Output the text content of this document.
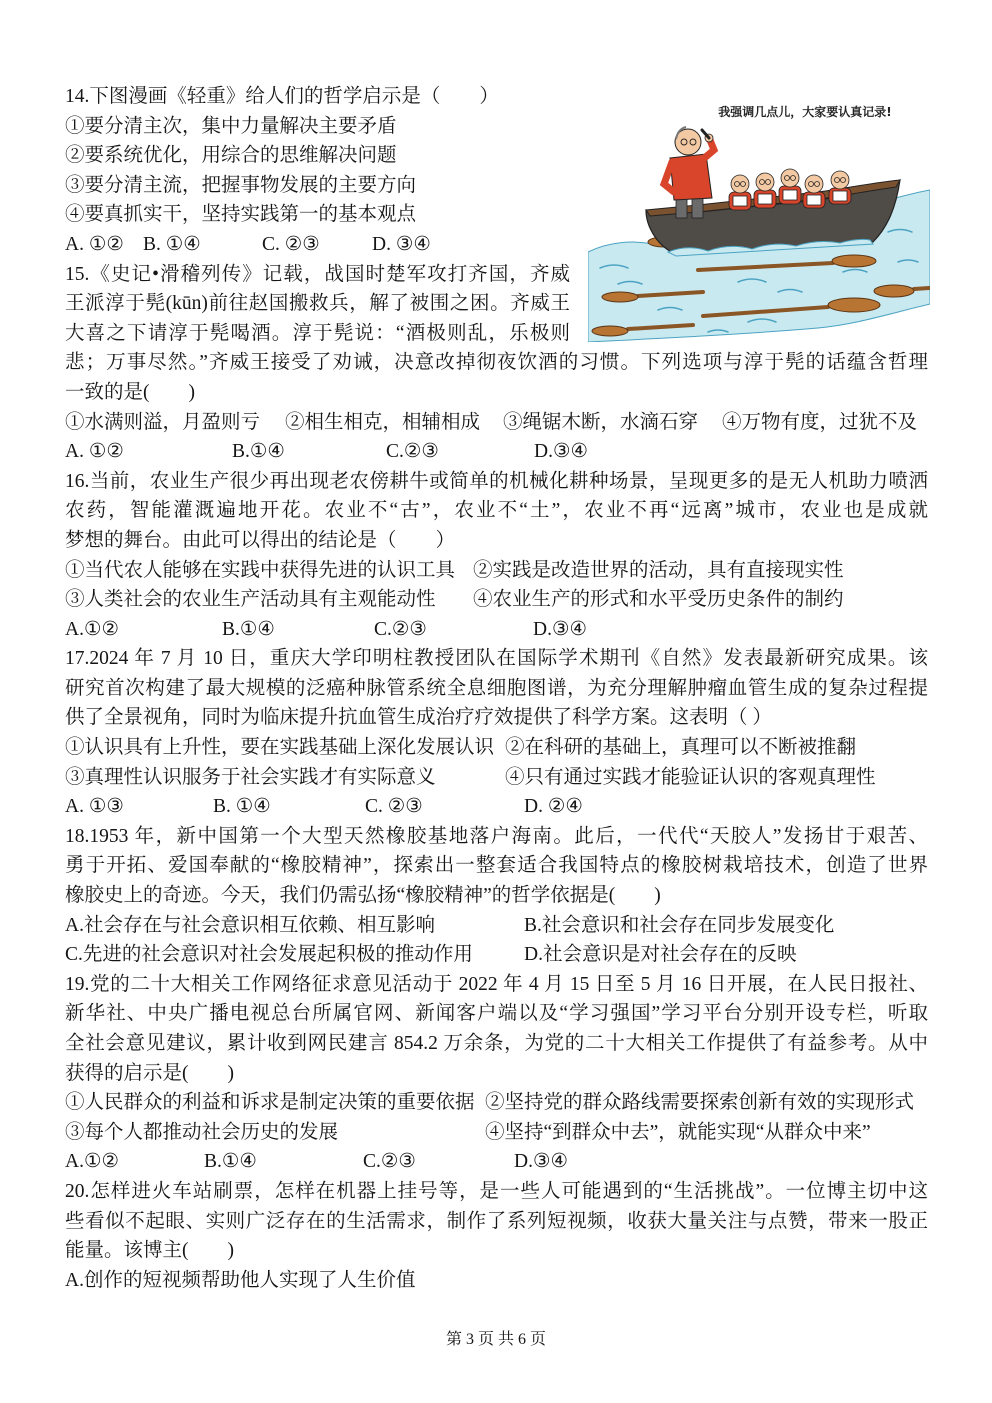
14.下图漫画《轻重》给人们的哲学启示是（　　）
①要分清主次，集中力量解决主要矛盾
②要系统优化，用综合的思维解决问题
③要分清主流，把握事物发展的主要方向
④要真抓实干，坚持实践第一的基本观点
A. ①② B. ①④	C. ②③	D. ③④
15.《史记•滑稽列传》记载，战国时楚军攻打齐国，齐威
王派淳于髡(kūn)前往赵国搬救兵，解了被围之困。齐威王
大喜之下请淳于髡喝酒。淳于髡说：“酒极则乱，乐极则
悲；万事尽然。”齐威王接受了劝诫，决意改掉彻夜饮酒的习惯。下列选项与淳于髡的话蕴含哲理
一致的是(　　)
①水满则溢，月盈则亏 ②相生相克，相辅相成 ③绳锯木断，水滴石穿 ④万物有度，过犹不及
A. ①②	B.①④	C.②③	D.③④
16.当前，农业生产很少再出现老农傍耕牛或简单的机械化耕种场景，呈现更多的是无人机助力喷洒
农药，智能灌溉遍地开花。农业不“古”，农业不“土”，农业不再“远离”城市，农业也是成就
梦想的舞台。由此可以得出的结论是（　　）
①当代农人能够在实践中获得先进的认识工具 ②实践是改造世界的活动，具有直接现实性
③人类社会的农业生产活动具有主观能动性 ④农业生产的形式和水平受历史条件的制约
A.①②	B.①④	C.②③	D.③④
17.2024 年 7 月 10 日，重庆大学印明柱教授团队在国际学术期刊《自然》发表最新研究成果。该
研究首次构建了最大规模的泛癌种脉管系统全息细胞图谱，为充分理解肿瘤血管生成的复杂过程提
供了全景视角，同时为临床提升抗血管生成治疗疗效提供了科学方案。这表明（ ）
①认识具有上升性，要在实践基础上深化发展认识 ②在科研的基础上，真理可以不断被推翻
③真理性认识服务于社会实践才有实际意义	④只有通过实践才能验证认识的客观真理性
A. ①③	B. ①④	C. ②③	D. ②④
18.1953 年，新中国第一个大型天然橡胶基地落户海南。此后，一代代“天胶人”发扬甘于艰苦、
勇于开拓、爱国奉献的“橡胶精神”，探索出一整套适合我国特点的橡胶树栽培技术，创造了世界
橡胶史上的奇迹。今天，我们仍需弘扬“橡胶精神”的哲学依据是(　　)
A.社会存在与社会意识相互依赖、相互影响	B.社会意识和社会存在同步发展变化
C.先进的社会意识对社会发展起积极的推动作用	D.社会意识是对社会存在的反映
19.党的二十大相关工作网络征求意见活动于 2022 年 4 月 15 日至 5 月 16 日开展，在人民日报社、
新华社、中央广播电视总台所属官网、新闻客户端以及“学习强国”学习平台分别开设专栏，听取
全社会意见建议，累计收到网民建言 854.2 万余条，为党的二十大相关工作提供了有益参考。从中
获得的启示是(　　)
①人民群众的利益和诉求是制定决策的重要依据 ②坚持党的群众路线需要探索创新有效的实现形式
③每个人都推动社会历史的发展	④坚持“到群众中去”，就能实现“从群众中来”
A.①②	B.①④	C.②③	D.③④
20.怎样进火车站刷票，怎样在机器上挂号等，是一些人可能遇到的“生活挑战”。一位博主切中这
些看似不起眼、实则广泛存在的生活需求，制作了系列短视频，收获大量关注与点赞，带来一股正
能量。该博主(　　)
A.创作的短视频帮助他人实现了人生价值
我强调几点儿，大家要认真记录!
第 3 页 共 6 页
